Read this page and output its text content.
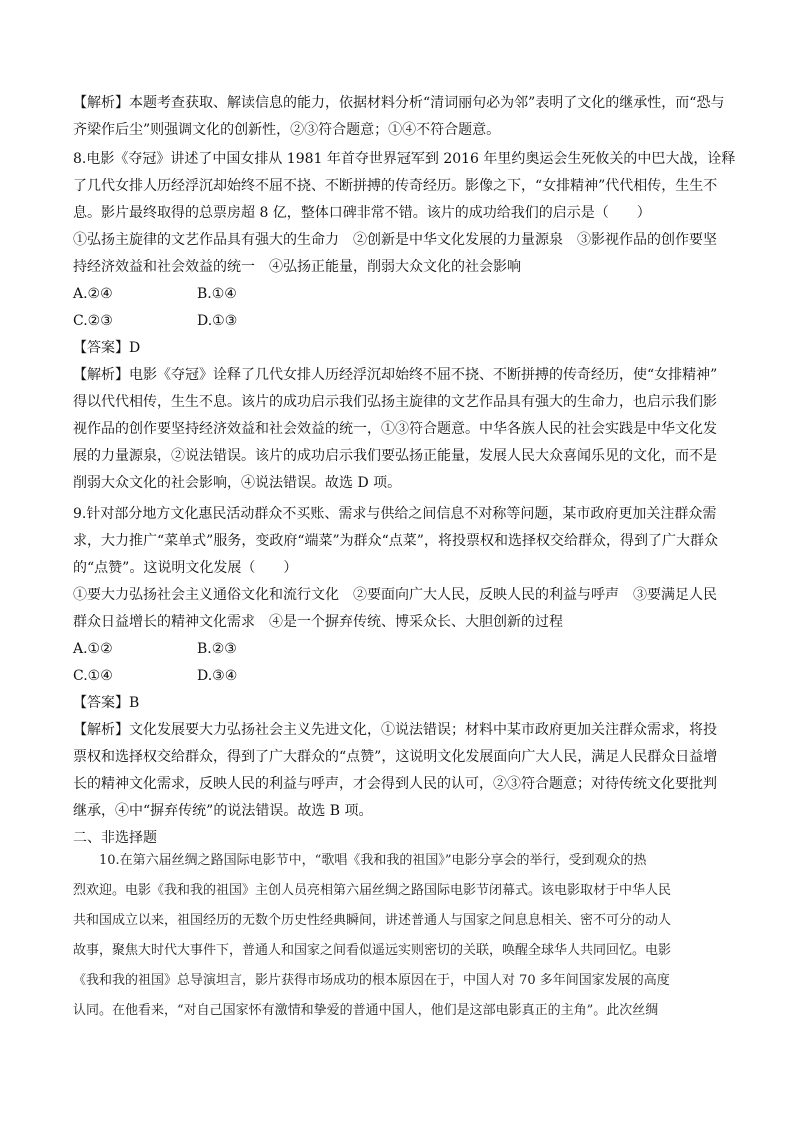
【解析】本题考查获取、解读信息的能力，依据材料分析“清词丽句必为邻”表明了文化的继承性，而“恐与
齐梁作后尘”则强调文化的创新性，②③符合题意；①④不符合题意。
8.电影《夺冠》讲述了中国女排从 1981 年首夺世界冠军到 2016 年里约奥运会生死攸关的中巴大战，诠释
了几代女排人历经浮沉却始终不屈不挠、不断拼搏的传奇经历。影像之下，“女排精神”代代相传，生生不
息。影片最终取得的总票房超 8 亿，整体口碑非常不错。该片的成功给我们的启示是（　　）
①弘扬主旋律的文艺作品具有强大的生命力　②创新是中华文化发展的力量源泉　③影视作品的创作要坚
持经济效益和社会效益的统一　④弘扬正能量，削弱大众文化的社会影响
A.②④	B.①④
C.②③	D.①③
【答案】D
【解析】电影《夺冠》诠释了几代女排人历经浮沉却始终不屈不挠、不断拼搏的传奇经历，使“女排精神”
得以代代相传，生生不息。该片的成功启示我们弘扬主旋律的文艺作品具有强大的生命力，也启示我们影
视作品的创作要坚持经济效益和社会效益的统一，①③符合题意。中华各族人民的社会实践是中华文化发
展的力量源泉，②说法错误。该片的成功启示我们要弘扬正能量，发展人民大众喜闻乐见的文化，而不是
削弱大众文化的社会影响，④说法错误。故选 D 项。
9.针对部分地方文化惠民活动群众不买账、需求与供给之间信息不对称等问题，某市政府更加关注群众需
求，大力推广“菜单式”服务，变政府“端菜”为群众“点菜”，将投票权和选择权交给群众，得到了广大群众
的“点赞”。这说明文化发展（　　）
①要大力弘扬社会主义通俗文化和流行文化　②要面向广大人民，反映人民的利益与呼声　③要满足人民
群众日益增长的精神文化需求　④是一个摒弃传统、博采众长、大胆创新的过程
A.①②	B.②③
C.①④	D.③④
【答案】B
【解析】文化发展要大力弘扬社会主义先进文化，①说法错误；材料中某市政府更加关注群众需求，将投
票权和选择权交给群众，得到了广大群众的“点赞”，这说明文化发展面向广大人民，满足人民群众日益增
长的精神文化需求，反映人民的利益与呼声，才会得到人民的认可，②③符合题意；对待传统文化要批判
继承，④中“摒弃传统”的说法错误。故选 B 项。
二、非选择题
10.在第六届丝绸之路国际电影节中，“歌唱《我和我的祖国》”电影分享会的举行，受到观众的热
烈欢迎。电影《我和我的祖国》主创人员亮相第六届丝绸之路国际电影节闭幕式。该电影取材于中华人民
共和国成立以来，祖国经历的无数个历史性经典瞬间，讲述普通人与国家之间息息相关、密不可分的动人
故事，聚焦大时代大事件下，普通人和国家之间看似遥远实则密切的关联，唤醒全球华人共同回忆。电影
《我和我的祖国》总导演坦言，影片获得市场成功的根本原因在于，中国人对 70 多年间国家发展的高度
认同。在他看来，“对自己国家怀有激情和挚爱的普通中国人，他们是这部电影真正的主角”。此次丝绸
